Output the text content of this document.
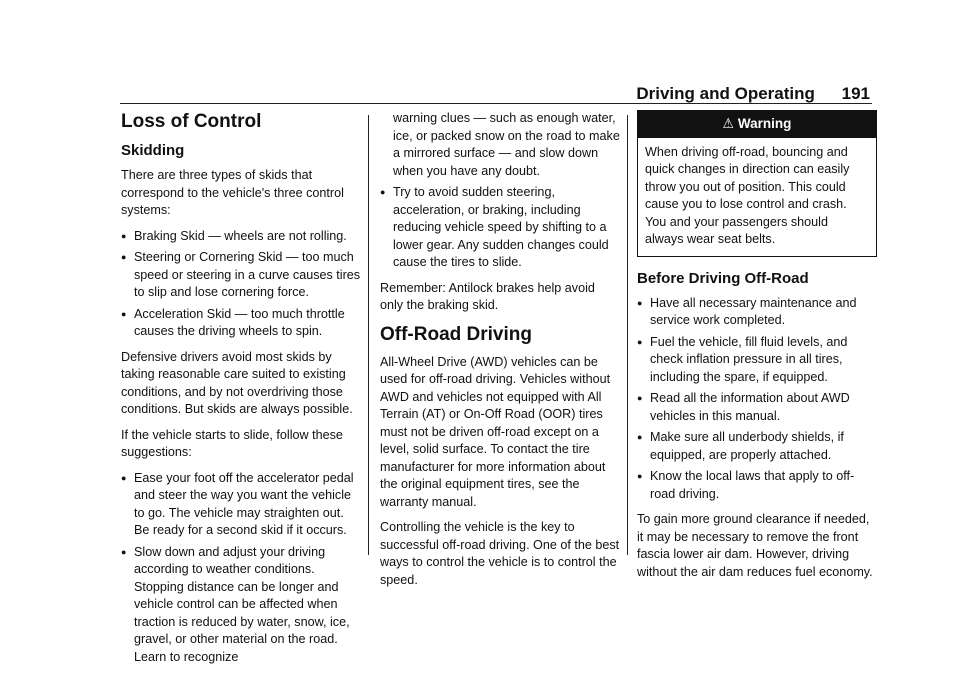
Driving and Operating 191
Loss of Control
Skidding

There are three types of skids that correspond to the vehicle's three control systems:

● Braking Skid — wheels are not rolling.
● Steering or Cornering Skid — too much speed or steering in a curve causes tires to slip and lose cornering force.
● Acceleration Skid — too much throttle causes the driving wheels to spin.

Defensive drivers avoid most skids by taking reasonable care suited to existing conditions, and by not overdriving those conditions. But skids are always possible.

If the vehicle starts to slide, follow these suggestions:

● Ease your foot off the accelerator pedal and steer the way you want the vehicle to go. The vehicle may straighten out. Be ready for a second skid if it occurs.
● Slow down and adjust your driving according to weather conditions. Stopping distance can be longer and vehicle control can be affected when traction is reduced by water, snow, ice, gravel, or other material on the road. Learn to recognize
warning clues — such as enough water, ice, or packed snow on the road to make a mirrored surface — and slow down when you have any doubt.
● Try to avoid sudden steering, acceleration, or braking, including reducing vehicle speed by shifting to a lower gear. Any sudden changes could cause the tires to slide.

Remember: Antilock brakes help avoid only the braking skid.

Off-Road Driving

All-Wheel Drive (AWD) vehicles can be used for off-road driving. Vehicles without AWD and vehicles not equipped with All Terrain (AT) or On-Off Road (OOR) tires must not be driven off-road except on a level, solid surface. To contact the tire manufacturer for more information about the original equipment tires, see the warranty manual.

Controlling the vehicle is the key to successful off-road driving. One of the best ways to control the vehicle is to control the speed.

⚠ Warning
When driving off-road, bouncing and quick changes in direction can easily throw you out of position. This could cause you to lose control and crash. You and your passengers should always wear seat belts.
Before Driving Off-Road
● Have all necessary maintenance and service work completed.
● Fuel the vehicle, fill fluid levels, and check inflation pressure in all tires, including the spare, if equipped.
● Read all the information about AWD vehicles in this manual.
● Make sure all underbody shields, if equipped, are properly attached.
● Know the local laws that apply to off-road driving.

To gain more ground clearance if needed, it may be necessary to remove the front fascia lower air dam. However, driving without the air dam reduces fuel economy.
